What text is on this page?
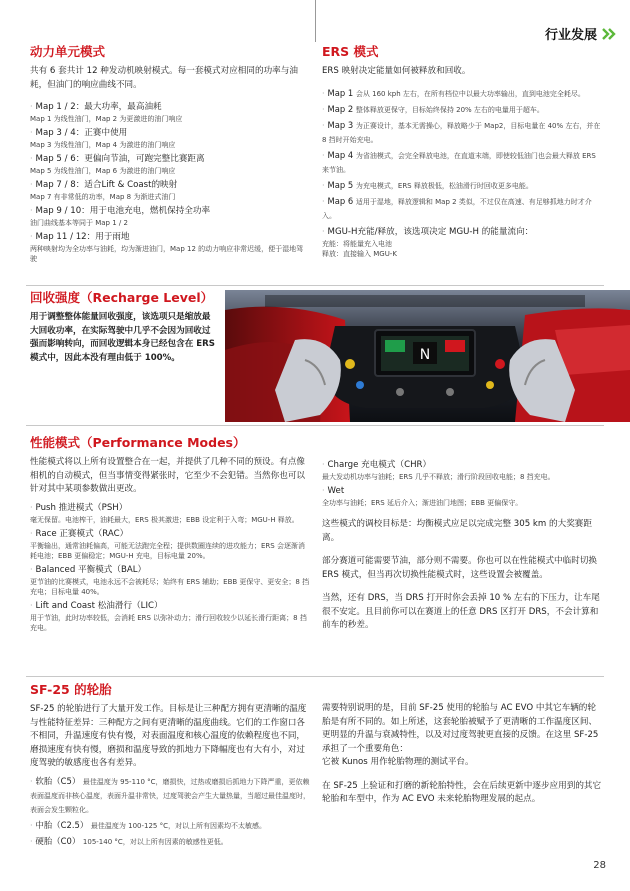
行业发展
动力单元模式
共有 6 套共计 12 种发动机映射模式。每一套模式对应相同的功率与油耗，但油门的响应曲线不同。
· Map 1 / 2：最大功率，最高油耗
Map 1 为线性油门，Map 2 为更激进的油门响应
· Map 3 / 4：正赛中使用
Map 3 为线性油门，Map 4 为激进的油门响应
· Map 5 / 6：更偏向节油，可跑完整比赛距离
Map 5 为线性油门，Map 6 为激进的油门响应
· Map 7 / 8：适合Lift & Coast的映射
Map 7 有非常低的功率，Map 8 为渐进式油门
· Map 9 / 10：用于电池充电，燃机保持全功率
油门曲线基本等同于 Map 1 / 2
· Map 11 / 12：用于雨地
两种映射均为全功率与油耗，均为渐进油门，Map 12 的动力响应非常迟缓，便于湿地驾驶
ERS 模式
ERS 映射决定能量如何被释放和回收。
· Map 1 会从 160 kph 左右，在所有档位中以最大功率输出，直到电池完全耗尽。
· Map 2 整体释放更保守，目标始终保持 20% 左右的电量用于超车。
· Map 3 为正赛设计，基本无需操心，释放略少于 Map2，目标电量在 40% 左右，并在 8 挡时开始充电。
· Map 4 为省油模式，会完全释放电池，在直道末端，即使较低油门也会最大释放 ERS 来节油。
· Map 5 为充电模式，ERS 释放极低，松油滑行时回收更多电能。
· Map 6 适用于湿地，释放逻辑和 Map 2 类似，不过仅在高速、有足够抓地力时才介入。
· MGU-H充能/释放，该选项决定 MGU-H 的能量流向：
充能：将能量充入电池
释放：直接输入 MGU-K
回收强度（Recharge Level）
用于调整整体能量回收强度，该选项只是缩放最大回收功率，在实际驾驶中几乎不会因为回收过强而影响转向，而回收逻辑本身已经包含在 ERS 模式中，因此本没有理由低于 100%。	N
性能模式（Performance Modes）
性能模式将以上所有设置整合在一起，并提供了几种不同的预设。有点像相机的自动模式，但当事情变得紧张时，它至少不会犯错。当然你也可以针对其中某项参数做出更改。
· Push 推进模式（PSH）
毫无保留。电池榨干，油耗最大，ERS 极其激进；EBB 设定利于入弯；MGU-H 释放。
· Race 正赛模式（RAC）
平衡输出，通常油耗偏高，可能无法跑完全程；提供数圈连续的进攻能力；ERS 会逐渐消耗电池；EBB 更偏稳定；MGU-H 充电，目标电量 20%。
· Balanced 平衡模式（BAL）
更节油的比赛模式，电池永远不会被耗尽；始终有 ERS 辅助；EBB 更保守、更安全；8 挡充电；目标电量 40%。
· Lift and Coast 松油滑行（LIC）
用于节油，此时功率较低，会消耗 ERS 以弥补动力；滑行回收较少以延长滑行距离；8 挡充电。
· Charge 充电模式（CHR）
最大发动机功率与油耗；ERS 几乎不释放；滑行阶段回收电能；8 挡充电。
· Wet
全功率与油耗；ERS 延后介入；渐进油门地图；EBB 更偏保守。
这些模式的调校目标是：均衡模式应足以完成完整 305 km 的大奖赛距离。
部分赛道可能需要节油，部分则不需要。你也可以在性能模式中临时切换 ERS 模式，但当再次切换性能模式时，这些设置会被覆盖。
当然，还有 DRS，当 DRS 打开时你会丢掉 10 % 左右的下压力，让车尾很不安定。且目前你可以在赛道上的任意 DRS 区打开 DRS，不会计算和前车的秒差。
SF-25 的轮胎
SF-25 的轮胎进行了大量开发工作。目标是让三种配方拥有更清晰的温度与性能特征差异：三种配方之间有更清晰的温度曲线。它们的工作窗口各不相同，升温速度有快有慢，对表面温度和核心温度的依赖程度也不同，磨损速度有快有慢，磨损和温度导致的抓地力下降幅度也有大有小，对过度驾驶的敏感度也各有差异。
· 软胎（C5） 最佳温度为 95-110 °C，磨损快，过热或磨损后抓地力下降严重，更依赖表面温度而非核心温度，表面升温非常快，过度驾驶会产生大量热量，当超过最佳温度时，表面会发生颗粒化。
· 中胎（C2.5） 最佳温度为 100-125 °C，对以上所有因素均不太敏感。
· 硬胎（C0） 105-140 °C，对以上所有因素的敏感性更低。
需要特别说明的是，目前 SF-25 使用的轮胎与 AC EVO 中其它车辆的轮胎是有所不同的。如上所述，这套轮胎被赋予了更清晰的工作温度区间、更明显的升温与衰减特性，以及对过度驾驶更直接的反馈。在这里 SF-25 承担了一个重要角色：
它被 Kunos 用作轮胎物理的测试平台。
在 SF-25 上验证和打磨的新轮胎特性，会在后续更新中逐步应用到的其它轮胎和车型中，作为 AC EVO 未来轮胎物理发展的起点。
28
